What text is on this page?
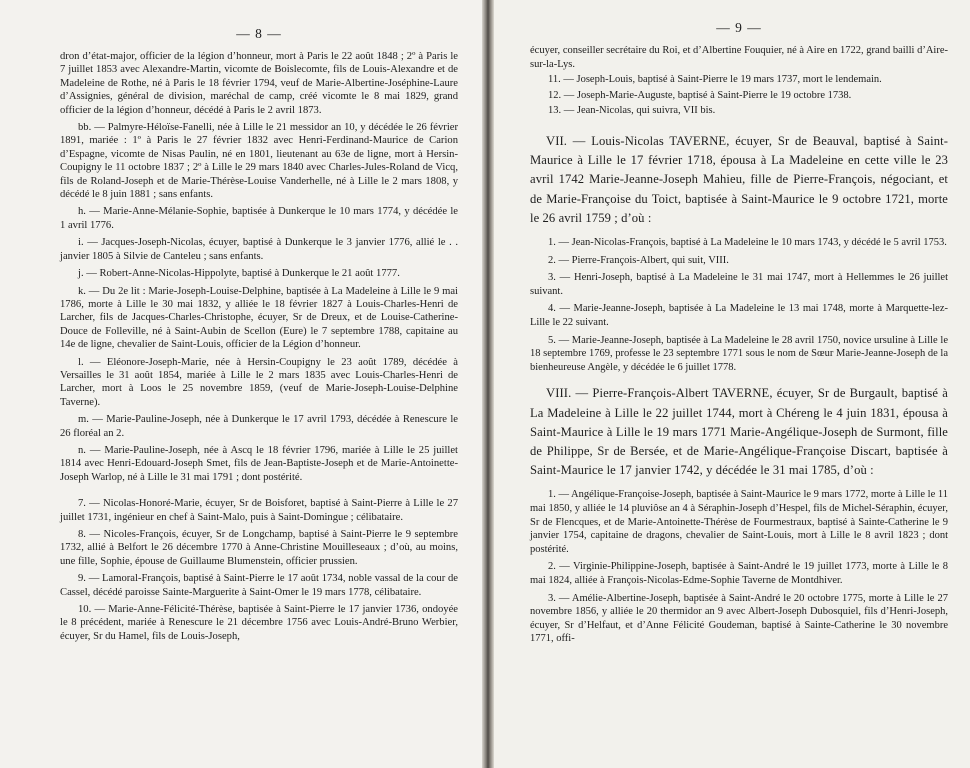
— 8 —

dron d’état-major, officier de la légion d’honneur, mort à Paris le 22 août 1848 ; 2º à Paris le 7 juillet 1853 avec Alexandre-Martin, vicomte de Boislecomte, fils de Louis-Alexandre et de Madeleine de Rothe, né à Paris le 18 février 1794, veuf de Marie-Albertine-Joséphine-Laure d’Assignies, général de division, maréchal de camp, créé vicomte le 8 mai 1829, grand officier de la légion d’honneur, décédé à Paris le 2 avril 1873.

bb. — Palmyre-Héloïse-Fanelli, née à Lille le 21 messidor an 10, y décédée le 26 février 1891, mariée : 1º à Paris le 27 février 1832 avec Henri-Ferdinand-Maurice de Carion d’Espagne, vicomte de Nisas Paulin, né en 1801, lieutenant au 63e de ligne, mort à Hersin-Coupigny le 11 octobre 1837 ; 2º à Lille le 29 mars 1840 avec Charles-Jules-Roland de Vicq, fils de Roland-Joseph et de Marie-Thérèse-Louise Vanderhelle, né à Lille le 2 mars 1808, y décédé le 8 juin 1881 ; sans enfants.

h. — Marie-Anne-Mélanie-Sophie, baptisée à Dunkerque le 10 mars 1774, y décédée le 1 avril 1776.

i. — Jacques-Joseph-Nicolas, écuyer, baptisé à Dunkerque le 3 janvier 1776, allié le . . janvier 1805 à Silvie de Canteleu ; sans enfants.

j. — Robert-Anne-Nicolas-Hippolyte, baptisé à Dunkerque le 21 août 1777.

k. — Du 2e lit : Marie-Joseph-Louise-Delphine, baptisée à La Madeleine à Lille le 9 mai 1786, morte à Lille le 30 mai 1832, y alliée le 18 février 1827 à Louis-Charles-Henri de Larcher, fils de Jacques-Charles-Christophe, écuyer, Sr de Dreux, et de Louise-Catherine-Douce de Folleville, né à Saint-Aubin de Scellon (Eure) le 7 septembre 1788, capitaine au 14e de ligne, chevalier de Saint-Louis, officier de la Légion d’honneur.

l. — Eléonore-Joseph-Marie, née à Hersin-Coupigny le 23 août 1789, décédée à Versailles le 31 août 1854, mariée à Lille le 2 mars 1835 avec Louis-Charles-Henri de Larcher, mort à Loos le 25 novembre 1859, (veuf de Marie-Joseph-Louise-Delphine Taverne).

m. — Marie-Pauline-Joseph, née à Dunkerque le 17 avril 1793, décédée à Renescure le 26 floréal an 2.

n. — Marie-Pauline-Joseph, née à Ascq le 18 février 1796, mariée à Lille le 25 juillet 1814 avec Henri-Edouard-Joseph Smet, fils de Jean-Baptiste-Joseph et de Marie-Antoinette-Joseph Warlop, né à Lille le 31 mai 1791 ; dont postérité.

7. — Nicolas-Honoré-Marie, écuyer, Sr de Boisforet, baptisé à Saint-Pierre à Lille le 27 juillet 1731, ingénieur en chef à Saint-Malo, puis à Saint-Domingue ; célibataire.

8. — Nicoles-François, écuyer, Sr de Longchamp, baptisé à Saint-Pierre le 9 septembre 1732, allié à Belfort le 26 décembre 1770 à Anne-Christine Mouilleseaux ; d’où, au moins, une fille, Sophie, épouse de Guillaume Blumenstein, officier prussien.

9. — Lamoral-François, baptisé à Saint-Pierre le 17 août 1734, noble vassal de la cour de Cassel, décédé paroisse Sainte-Marguerite à Saint-Omer le 19 mars 1778, célibataire.

10. — Marie-Anne-Félicité-Thérèse, baptisée à Saint-Pierre le 17 janvier 1736, ondoyée le 8 précédent, mariée à Renescure le 21 décembre 1756 avec Louis-André-Bruno Werbier, écuyer, Sr du Hamel, fils de Louis-Joseph,

— 9 —

écuyer, conseiller secrétaire du Roi, et d’Albertine Fouquier, né à Aire en 1722, grand bailli d’Aire-sur-la-Lys.

11. — Joseph-Louis, baptisé à Saint-Pierre le 19 mars 1737, mort le lendemain.

12. — Joseph-Marie-Auguste, baptisé à Saint-Pierre le 19 octobre 1738.

13. — Jean-Nicolas, qui suivra, VII bis.

VII. — Louis-Nicolas TAVERNE, écuyer, Sr de Beauval, baptisé à Saint-Maurice à Lille le 17 février 1718, épousa à La Madeleine en cette ville le 23 avril 1742 Marie-Jeanne-Joseph Mahieu, fille de Pierre-François, négociant, et de Marie-Françoise du Toict, baptisée à Saint-Maurice le 9 octobre 1721, morte le 26 avril 1759 ; d’où :

1. — Jean-Nicolas-François, baptisé à La Madeleine le 10 mars 1743, y décédé le 5 avril 1753.

2. — Pierre-François-Albert, qui suit, VIII.

3. — Henri-Joseph, baptisé à La Madeleine le 31 mai 1747, mort à Hellemmes le 26 juillet suivant.

4. — Marie-Jeanne-Joseph, baptisée à La Madeleine le 13 mai 1748, morte à Marquette-lez-Lille le 22 suivant.

5. — Marie-Jeanne-Joseph, baptisée à La Madeleine le 28 avril 1750, novice ursuline à Lille le 18 septembre 1769, professe le 23 septembre 1771 sous le nom de Sœur Marie-Jeanne-Joseph de la bienheureuse Angèle, y décédée le 6 juillet 1778.

VIII. — Pierre-François-Albert TAVERNE, écuyer, Sr de Burgault, baptisé à La Madeleine à Lille le 22 juillet 1744, mort à Chéreng le 4 juin 1831, épousa à Saint-Maurice à Lille le 19 mars 1771 Marie-Angélique-Joseph de Surmont, fille de Philippe, Sr de Bersée, et de Marie-Angélique-Françoise Discart, baptisée à Saint-Maurice le 17 janvier 1742, y décédée le 31 mai 1785, d’où :

1. — Angélique-Françoise-Joseph, baptisée à Saint-Maurice le 9 mars 1772, morte à Lille le 11 mai 1850, y alliée le 14 pluviôse an 4 à Séraphin-Joseph d’Hespel, fils de Michel-Séraphin, écuyer, Sr de Flencques, et de Marie-Antoinette-Thérèse de Fourmestraux, baptisé à Sainte-Catherine le 9 janvier 1754, capitaine de dragons, chevalier de Saint-Louis, mort à Lille le 8 avril 1823 ; dont postérité.

2. — Virginie-Philippine-Joseph, baptisée à Saint-André le 19 juillet 1773, morte à Lille le 8 mai 1824, alliée à François-Nicolas-Edme-Sophie Taverne de Montdhiver.

3. — Amélie-Albertine-Joseph, baptisée à Saint-André le 20 octobre 1775, morte à Lille le 27 novembre 1856, y alliée le 20 thermidor an 9 avec Albert-Joseph Dubosquiel, fils d’Henri-Joseph, écuyer, Sr d’Helfaut, et d’Anne Félicité Goudeman, baptisé à Sainte-Catherine le 30 novembre 1771, offi-
